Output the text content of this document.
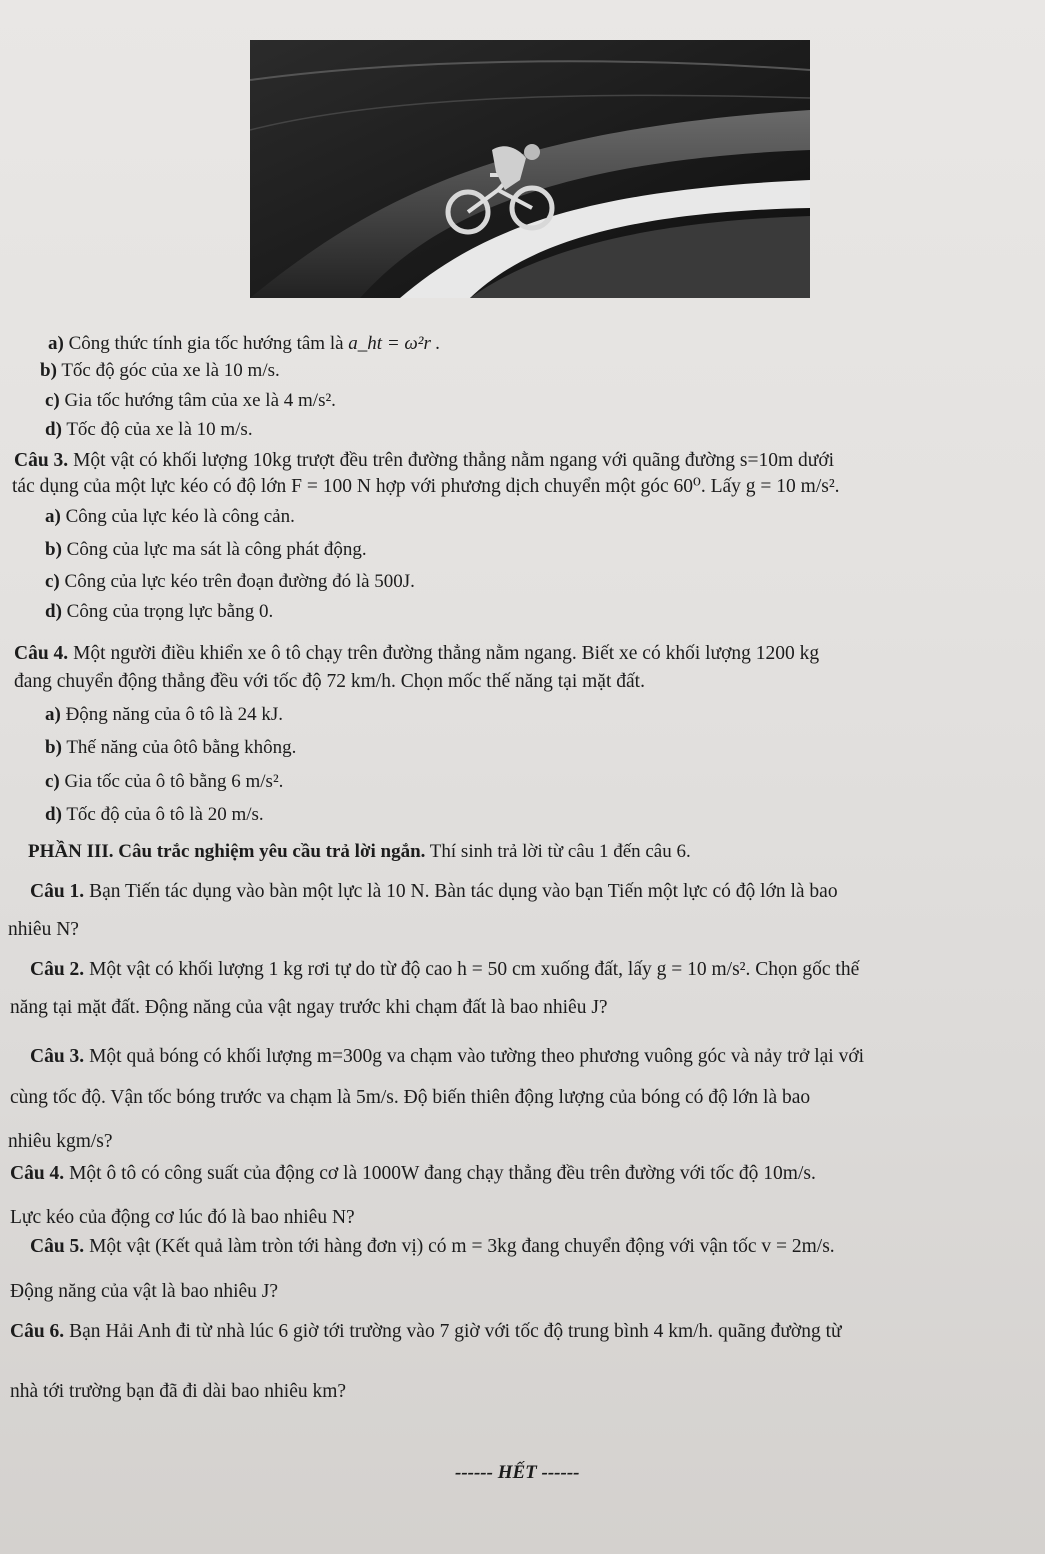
a) Công thức tính gia tốc hướng tâm là a_ht = ω²r .
b) Tốc độ góc của xe là 10 m/s.
c) Gia tốc hướng tâm của xe là 4 m/s².
d) Tốc độ của xe là 10 m/s.
Câu 3. Một vật có khối lượng 10kg trượt đều trên đường thẳng nằm ngang với quãng đường s=10m dưới
tác dụng của một lực kéo có độ lớn F = 100 N hợp với phương dịch chuyển một góc 60⁰. Lấy g = 10 m/s².
a) Công của lực kéo là công cản.
b) Công của lực ma sát là công phát động.
c) Công của lực kéo trên đoạn đường đó là 500J.
d) Công của trọng lực bằng 0.
Câu 4. Một người điều khiển xe ô tô chạy trên đường thẳng nằm ngang. Biết xe có khối lượng 1200 kg
đang chuyển động thẳng đều với tốc độ 72 km/h. Chọn mốc thế năng tại mặt đất.
a) Động năng của ô tô là 24 kJ.
b) Thế năng của ôtô bằng không.
c) Gia tốc của ô tô bằng 6 m/s².
d) Tốc độ của ô tô là 20 m/s.
PHẦN III. Câu trắc nghiệm yêu cầu trả lời ngắn. Thí sinh trả lời từ câu 1 đến câu 6.
Câu 1. Bạn Tiến tác dụng vào bàn một lực là 10 N. Bàn tác dụng vào bạn Tiến một lực có độ lớn là bao
nhiêu N?
Câu 2. Một vật có khối lượng 1 kg rơi tự do từ độ cao h = 50 cm xuống đất, lấy g = 10 m/s². Chọn gốc thế
năng tại mặt đất. Động năng của vật ngay trước khi chạm đất là bao nhiêu J?
Câu 3. Một quả bóng có khối lượng m=300g va chạm vào tường theo phương vuông góc và nảy trở lại với
cùng tốc độ. Vận tốc bóng trước va chạm là 5m/s. Độ biến thiên động lượng của bóng có độ lớn là bao
nhiêu kgm/s?
Câu 4. Một ô tô có công suất của động cơ là 1000W đang chạy thẳng đều trên đường với tốc độ 10m/s.
Lực kéo của động cơ lúc đó là bao nhiêu N?
Câu 5. Một vật (Kết quả làm tròn tới hàng đơn vị) có m = 3kg đang chuyển động với vận tốc v = 2m/s.
Động năng của vật là bao nhiêu J?
Câu 6. Bạn Hải Anh đi từ nhà lúc 6 giờ tới trường vào 7 giờ với tốc độ trung bình 4 km/h. quãng đường từ
nhà tới trường bạn đã đi dài bao nhiêu km?
------ HẾT ------
